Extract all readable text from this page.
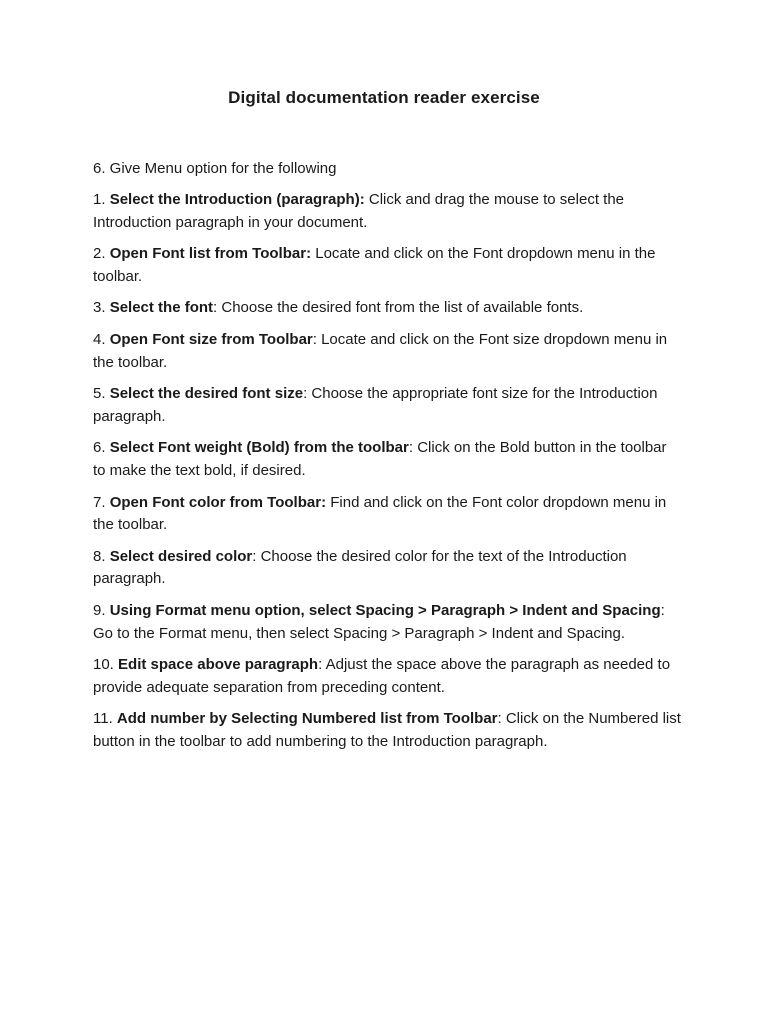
Digital documentation reader exercise
6. Give Menu option for the following

1. Select the Introduction (paragraph): Click and drag the mouse to select the Introduction paragraph in your document.

2. Open Font list from Toolbar: Locate and click on the Font dropdown menu in the toolbar.

3. Select the font: Choose the desired font from the list of available fonts.

4. Open Font size from Toolbar: Locate and click on the Font size dropdown menu in the toolbar.

5. Select the desired font size: Choose the appropriate font size for the Introduction paragraph.

6. Select Font weight (Bold) from the toolbar: Click on the Bold button in the toolbar to make the text bold, if desired.

7. Open Font color from Toolbar: Find and click on the Font color dropdown menu in the toolbar.

8. Select desired color: Choose the desired color for the text of the Introduction paragraph.

9. Using Format menu option, select Spacing > Paragraph > Indent and Spacing: Go to the Format menu, then select Spacing > Paragraph > Indent and Spacing.

10. Edit space above paragraph: Adjust the space above the paragraph as needed to provide adequate separation from preceding content.

11. Add number by Selecting Numbered list from Toolbar: Click on the Numbered list button in the toolbar to add numbering to the Introduction paragraph.
